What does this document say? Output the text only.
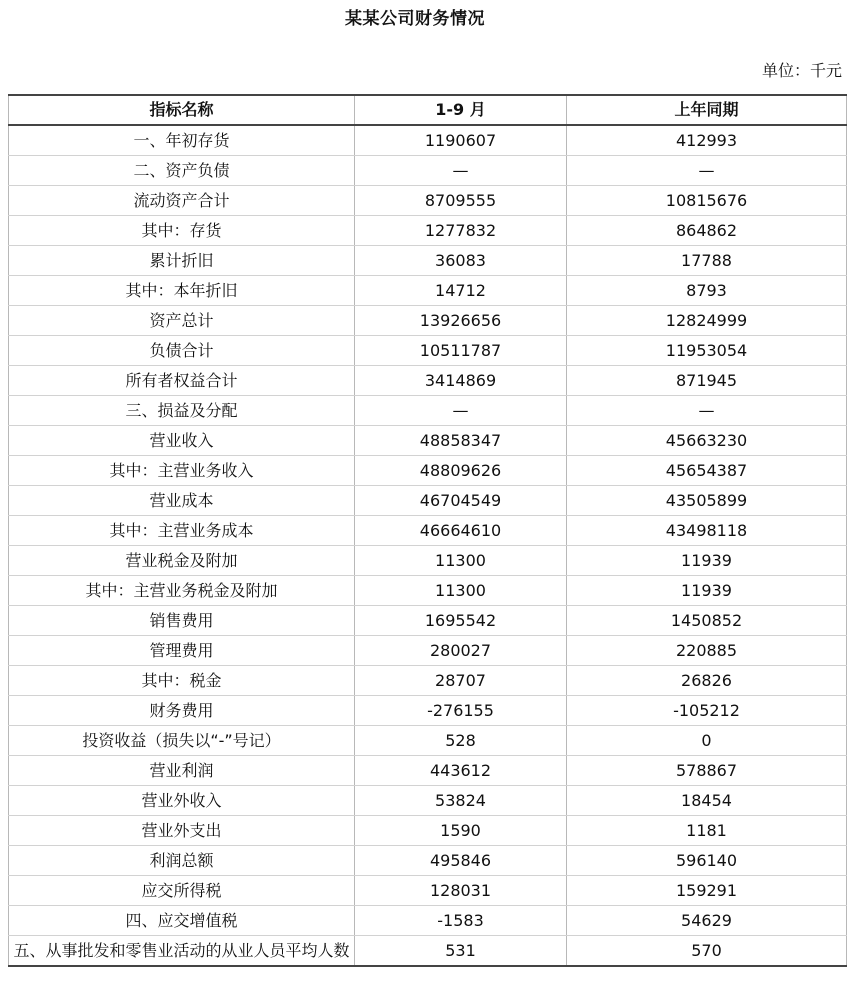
某某公司财务情况
单位：千元
指标名称	1-9 月	上年同期
一、年初存货	1190607	412993
二、资产负债	—	—
流动资产合计	8709555	10815676
其中：存货	1277832	864862
累计折旧	36083	17788
其中：本年折旧	14712	8793
资产总计	13926656	12824999
负债合计	10511787	11953054
所有者权益合计	3414869	871945
三、损益及分配	—	—
营业收入	48858347	45663230
其中：主营业务收入	48809626	45654387
营业成本	46704549	43505899
其中：主营业务成本	46664610	43498118
营业税金及附加	11300	11939
其中：主营业务税金及附加	11300	11939
销售费用	1695542	1450852
管理费用	280027	220885
其中：税金	28707	26826
财务费用	-276155	-105212
投资收益（损失以“-”号记）	528	0
营业利润	443612	578867
营业外收入	53824	18454
营业外支出	1590	1181
利润总额	495846	596140
应交所得税	128031	159291
四、应交增值税	-1583	54629
五、从事批发和零售业活动的从业人员平均人数	531	570
